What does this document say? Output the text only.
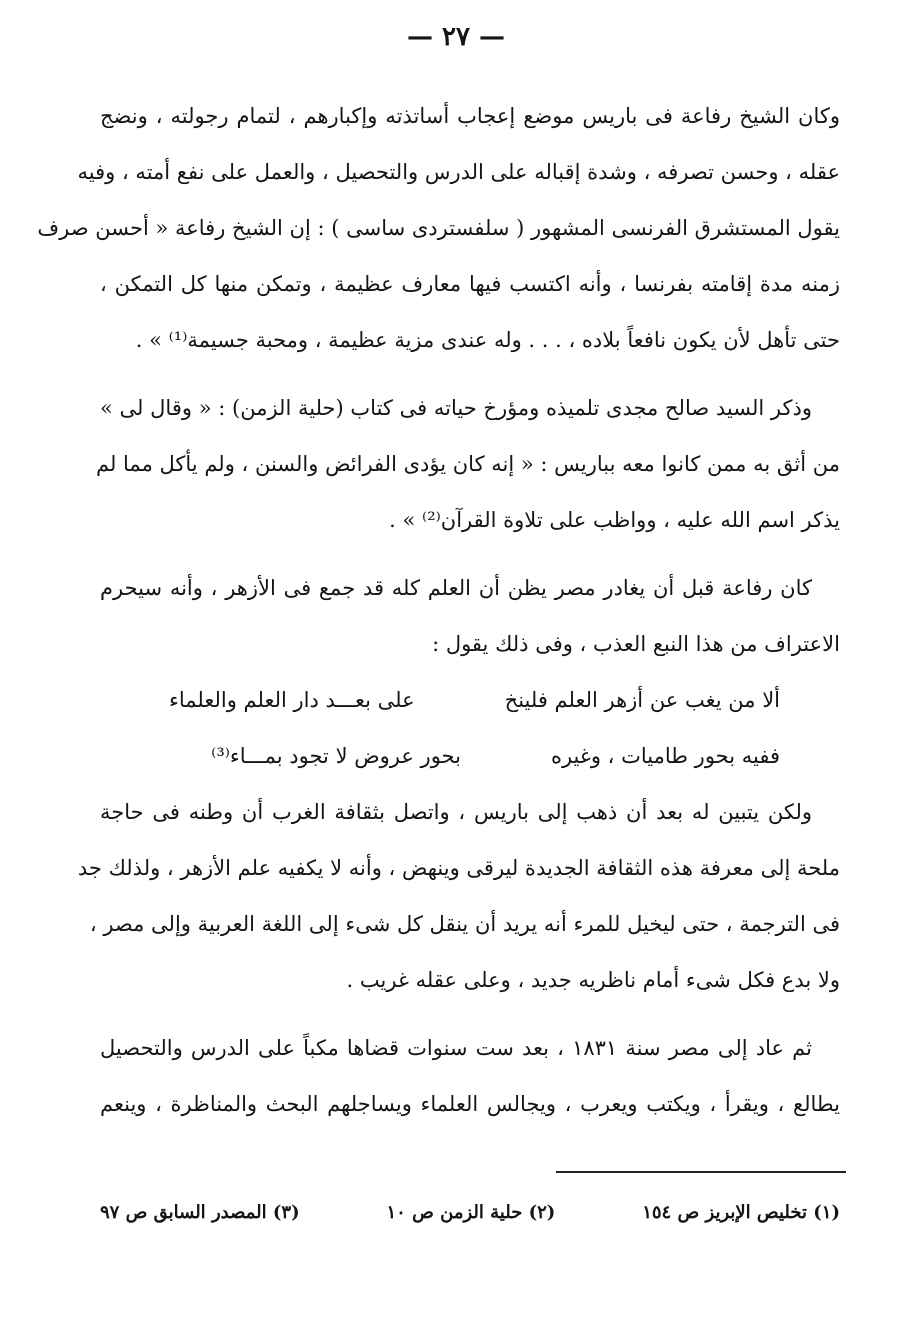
— ٢٧ —
وكان الشيخ رفاعة فى باريس موضع إعجاب أساتذته وإكبارهم ، لتمام رجولته ، ونضج
عقله ، وحسن تصرفه ، وشدة إقباله على الدرس والتحصيل ، والعمل على نفع أمته ، وفيه
يقول المستشرق الفرنسى المشهور ( سلفستردى ساسى ) : إن الشيخ رفاعة « أحسن صرف
زمنه مدة إقامته بفرنسا ، وأنه اكتسب فيها معارف عظيمة ، وتمكن منها كل التمكن ،
حتى تأهل لأن يكون نافعاً بلاده ، . . . وله عندى مزية عظيمة ، ومحبة جسيمة⁽¹⁾ » .
وذكر السيد صالح مجدى تلميذه ومؤرخ حياته فى كتاب (حلية الزمن) : « وقال لى »
من أثق به ممن كانوا معه بباريس : « إنه كان يؤدى الفرائض والسنن ، ولم يأكل مما لم
يذكر اسم الله عليه ، وواظب على تلاوة القرآن⁽²⁾ » .
كان رفاعة قبل أن يغادر مصر يظن أن العلم كله قد جمع فى الأزهر ، وأنه سيحرم
الاعتراف من هذا النبع العذب ، وفى ذلك يقول :
ألا من يغب عن أزهر العلم فلينخ
على بعـــد دار العلم والعلماء
ففيه بحور طاميات ، وغيره
بحور عروض لا تجود بمـــاء⁽³⁾
ولكن يتبين له بعد أن ذهب إلى باريس ، واتصل بثقافة الغرب أن وطنه فى حاجة
ملحة إلى معرفة هذه الثقافة الجديدة ليرقى وينهض ، وأنه لا يكفيه علم الأزهر ، ولذلك جد
فى الترجمة ، حتى ليخيل للمرء أنه يريد أن ينقل كل شىء إلى اللغة العربية وإلى مصر ،
ولا بدع فكل شىء أمام ناظريه جديد ، وعلى عقله غريب .
ثم عاد إلى مصر سنة ١٨٣١ ، بعد ست سنوات قضاها مكباً على الدرس والتحصيل
يطالع ، ويقرأ ، ويكتب ويعرب ، ويجالس العلماء ويساجلهم البحث والمناظرة ، وينعم
(١) تخليص الإبريز ص ١٥٤
(٢) حلية الزمن ص ١٠
(٣) المصدر السابق ص ٩٧
